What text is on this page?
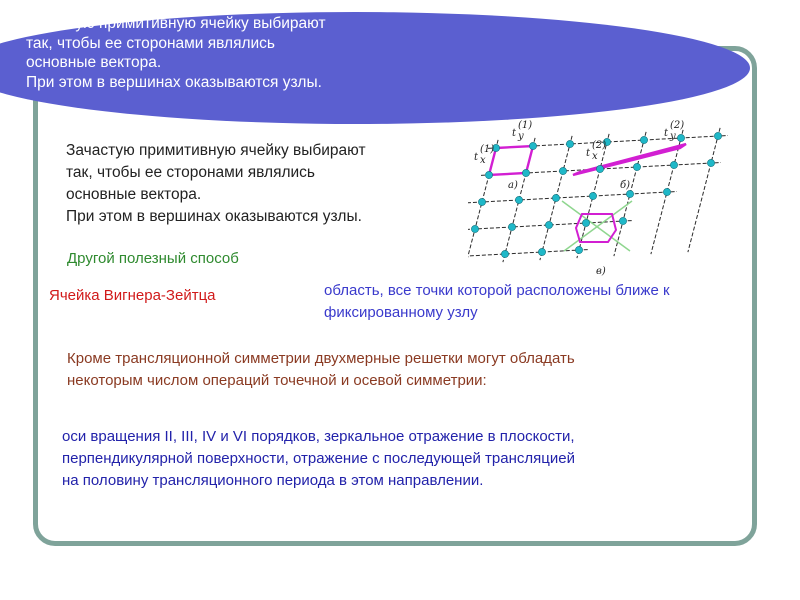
Зачастую примитивную ячейку выбирают
так, чтобы ее сторонами являлись
основные вектора.
При этом в вершинах оказываются узлы.
Зачастую примитивную ячейку выбирают
так, чтобы ее сторонами являлись
основные вектора.
При этом в вершинах оказываются узлы.
Другой полезный способ
Ячейка Вигнера-Зейтца	область, все точки которой расположены ближе к
фиксированному узлу
Кроме трансляционной симметрии двухмерные решетки могут обладать
некоторым числом операций точечной и осевой симметрии:
оси вращения II, III, IV и VI порядков, зеркальное отражение в плоскости,
перпендикулярной поверхности, отражение с последующей трансляцией
на половину трансляционного периода в этом направлении.
а)	б)
в)
t y
(1)
t x
(1)	t x
(2)
t y
(2)
